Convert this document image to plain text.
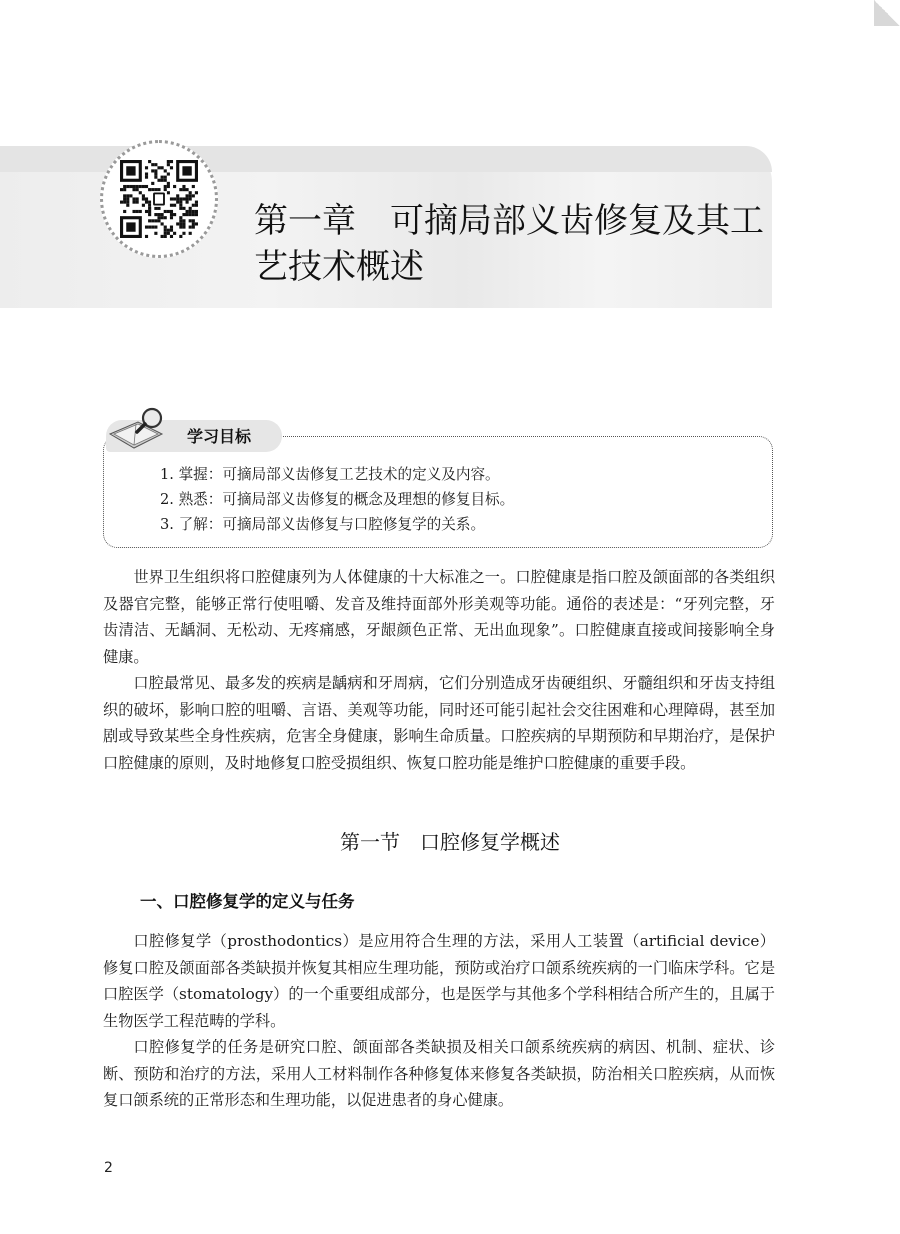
第一章　可摘局部义齿修复及其工艺技术概述
学习目标
1. 掌握：可摘局部义齿修复工艺技术的定义及内容。
2. 熟悉：可摘局部义齿修复的概念及理想的修复目标。
3. 了解：可摘局部义齿修复与口腔修复学的关系。

世界卫生组织将口腔健康列为人体健康的十大标准之一。口腔健康是指口腔及颌面部的各类组织及器官完整，能够正常行使咀嚼、发音及维持面部外形美观等功能。通俗的表述是：“牙列完整，牙齿清洁、无龋洞、无松动、无疼痛感，牙龈颜色正常、无出血现象”。口腔健康直接或间接影响全身健康。

口腔最常见、最多发的疾病是龋病和牙周病，它们分别造成牙齿硬组织、牙髓组织和牙齿支持组织的破坏，影响口腔的咀嚼、言语、美观等功能，同时还可能引起社会交往困难和心理障碍，甚至加剧或导致某些全身性疾病，危害全身健康，影响生命质量。口腔疾病的早期预防和早期治疗，是保护口腔健康的原则，及时地修复口腔受损组织、恢复口腔功能是维护口腔健康的重要手段。

第一节　口腔修复学概述
一、口腔修复学的定义与任务

口腔修复学（prosthodontics）是应用符合生理的方法，采用人工装置（artificial device）修复口腔及颌面部各类缺损并恢复其相应生理功能，预防或治疗口颌系统疾病的一门临床学科。它是口腔医学（stomatology）的一个重要组成部分，也是医学与其他多个学科相结合所产生的，且属于生物医学工程范畴的学科。

口腔修复学的任务是研究口腔、颌面部各类缺损及相关口颌系统疾病的病因、机制、症状、诊断、预防和治疗的方法，采用人工材料制作各种修复体来修复各类缺损，防治相关口腔疾病，从而恢复口颌系统的正常形态和生理功能，以促进患者的身心健康。

2
